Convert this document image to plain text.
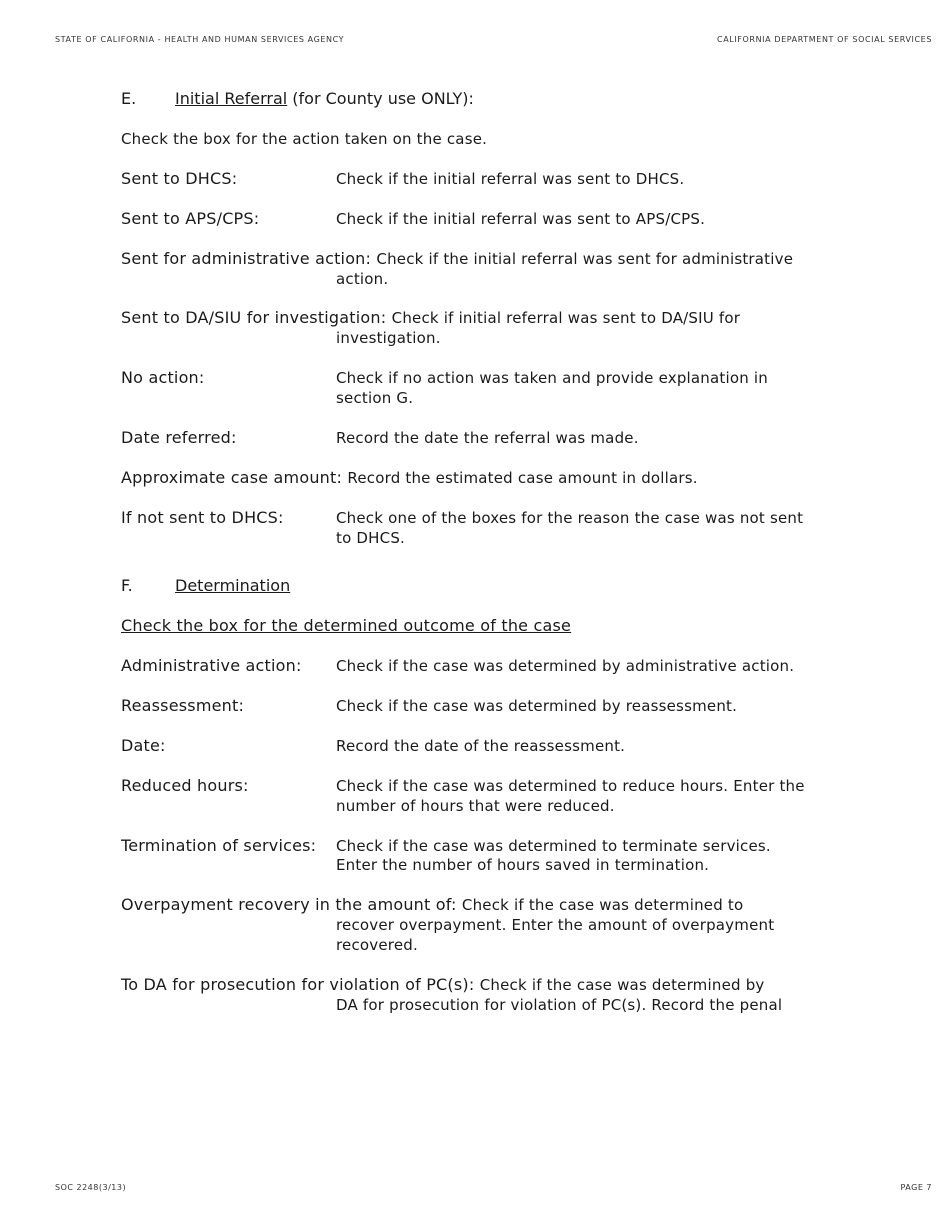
STATE OF CALIFORNIA - HEALTH AND HUMAN SERVICES AGENCY	CALIFORNIA DEPARTMENT OF SOCIAL SERVICES
E. Initial Referral (for County use ONLY):
Check the box for the action taken on the case.
Sent to DHCS:	Check if the initial referral was sent to DHCS.
Sent to APS/CPS:	Check if the initial referral was sent to APS/CPS.
Sent for administrative action: Check if the initial referral was sent for administrative
action.
Sent to DA/SIU for investigation: Check if initial referral was sent to DA/SIU for
investigation.
No action:	Check if no action was taken and provide explanation in
section G.
Date referred:	Record the date the referral was made.
Approximate case amount: Record the estimated case amount in dollars.
If not sent to DHCS:	Check one of the boxes for the reason the case was not sent
to DHCS.
F.	Determination
Check the box for the determined outcome of the case
Administrative action: Check if the case was determined by administrative action.
Reassessment:	Check if the case was determined by reassessment.
Date:	Record the date of the reassessment.
Reduced hours:	Check if the case was determined to reduce hours. Enter the
number of hours that were reduced.
Termination of services: Check if the case was determined to terminate services.
Enter the number of hours saved in termination.
Overpayment recovery in the amount of: Check if the case was determined to
recover overpayment. Enter the amount of overpayment
recovered.
To DA for prosecution for violation of PC(s): Check if the case was determined by
DA for prosecution for violation of PC(s). Record the penal
SOC 2248(3/13)	PAGE 7
